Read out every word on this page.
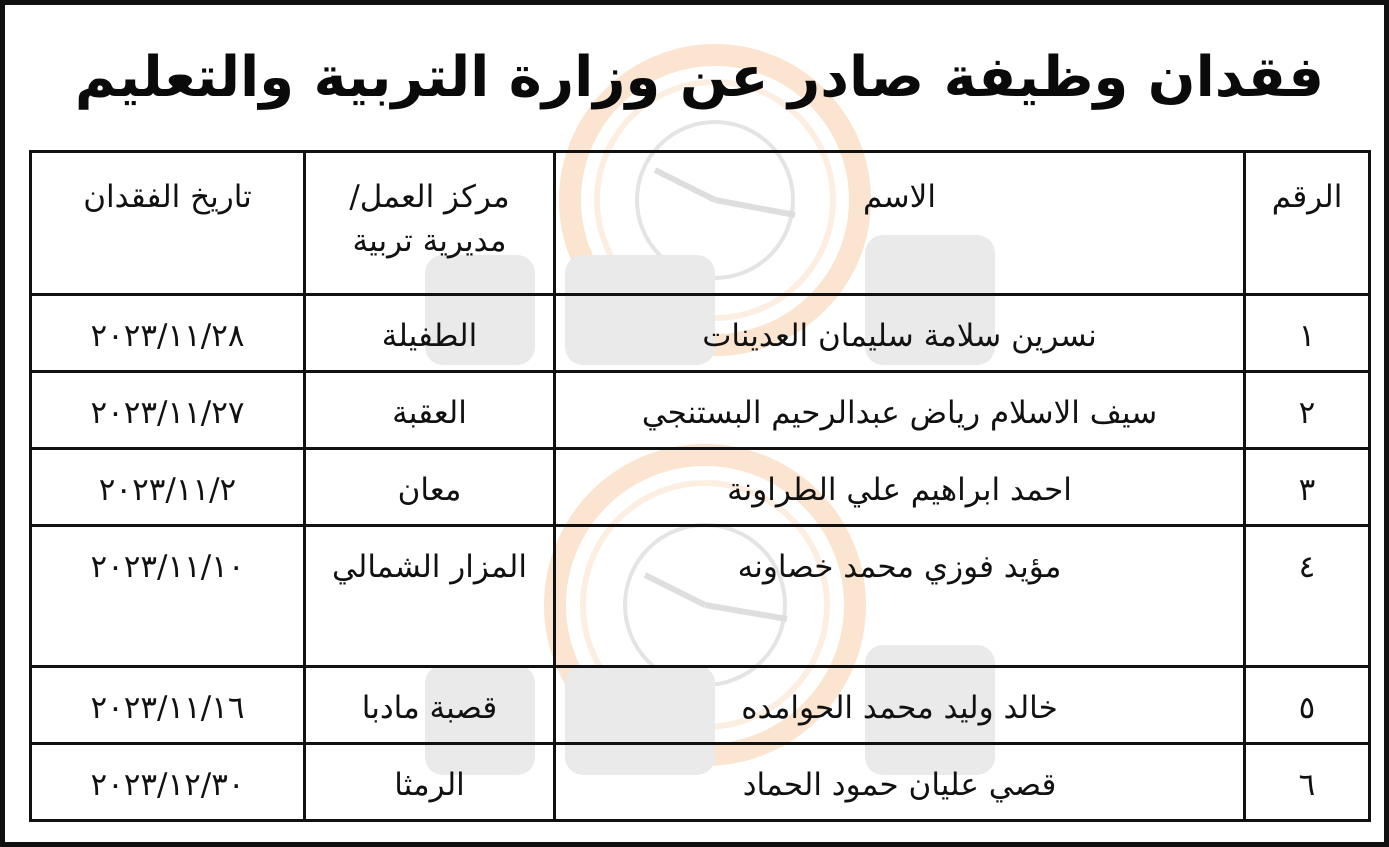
فقدان وظيفة صادر عن وزارة التربية والتعليم
الرقم	الاسم	مركز العمل/ مديرية تربية	تاريخ الفقدان
١	نسرين سلامة سليمان العدينات	الطفيلة	٢٠٢٣/١١/٢٨
٢	سيف الاسلام رياض عبدالرحيم البستنجي	العقبة	٢٠٢٣/١١/٢٧
٣	احمد ابراهيم علي الطراونة	معان	٢٠٢٣/١١/٢
٤	مؤيد فوزي محمد خصاونه	المزار الشمالي	٢٠٢٣/١١/١٠
٥	خالد وليد محمد الحوامده	قصبة مادبا	٢٠٢٣/١١/١٦
٦	قصي عليان حمود الحماد	الرمثا	٢٠٢٣/١٢/٣٠
